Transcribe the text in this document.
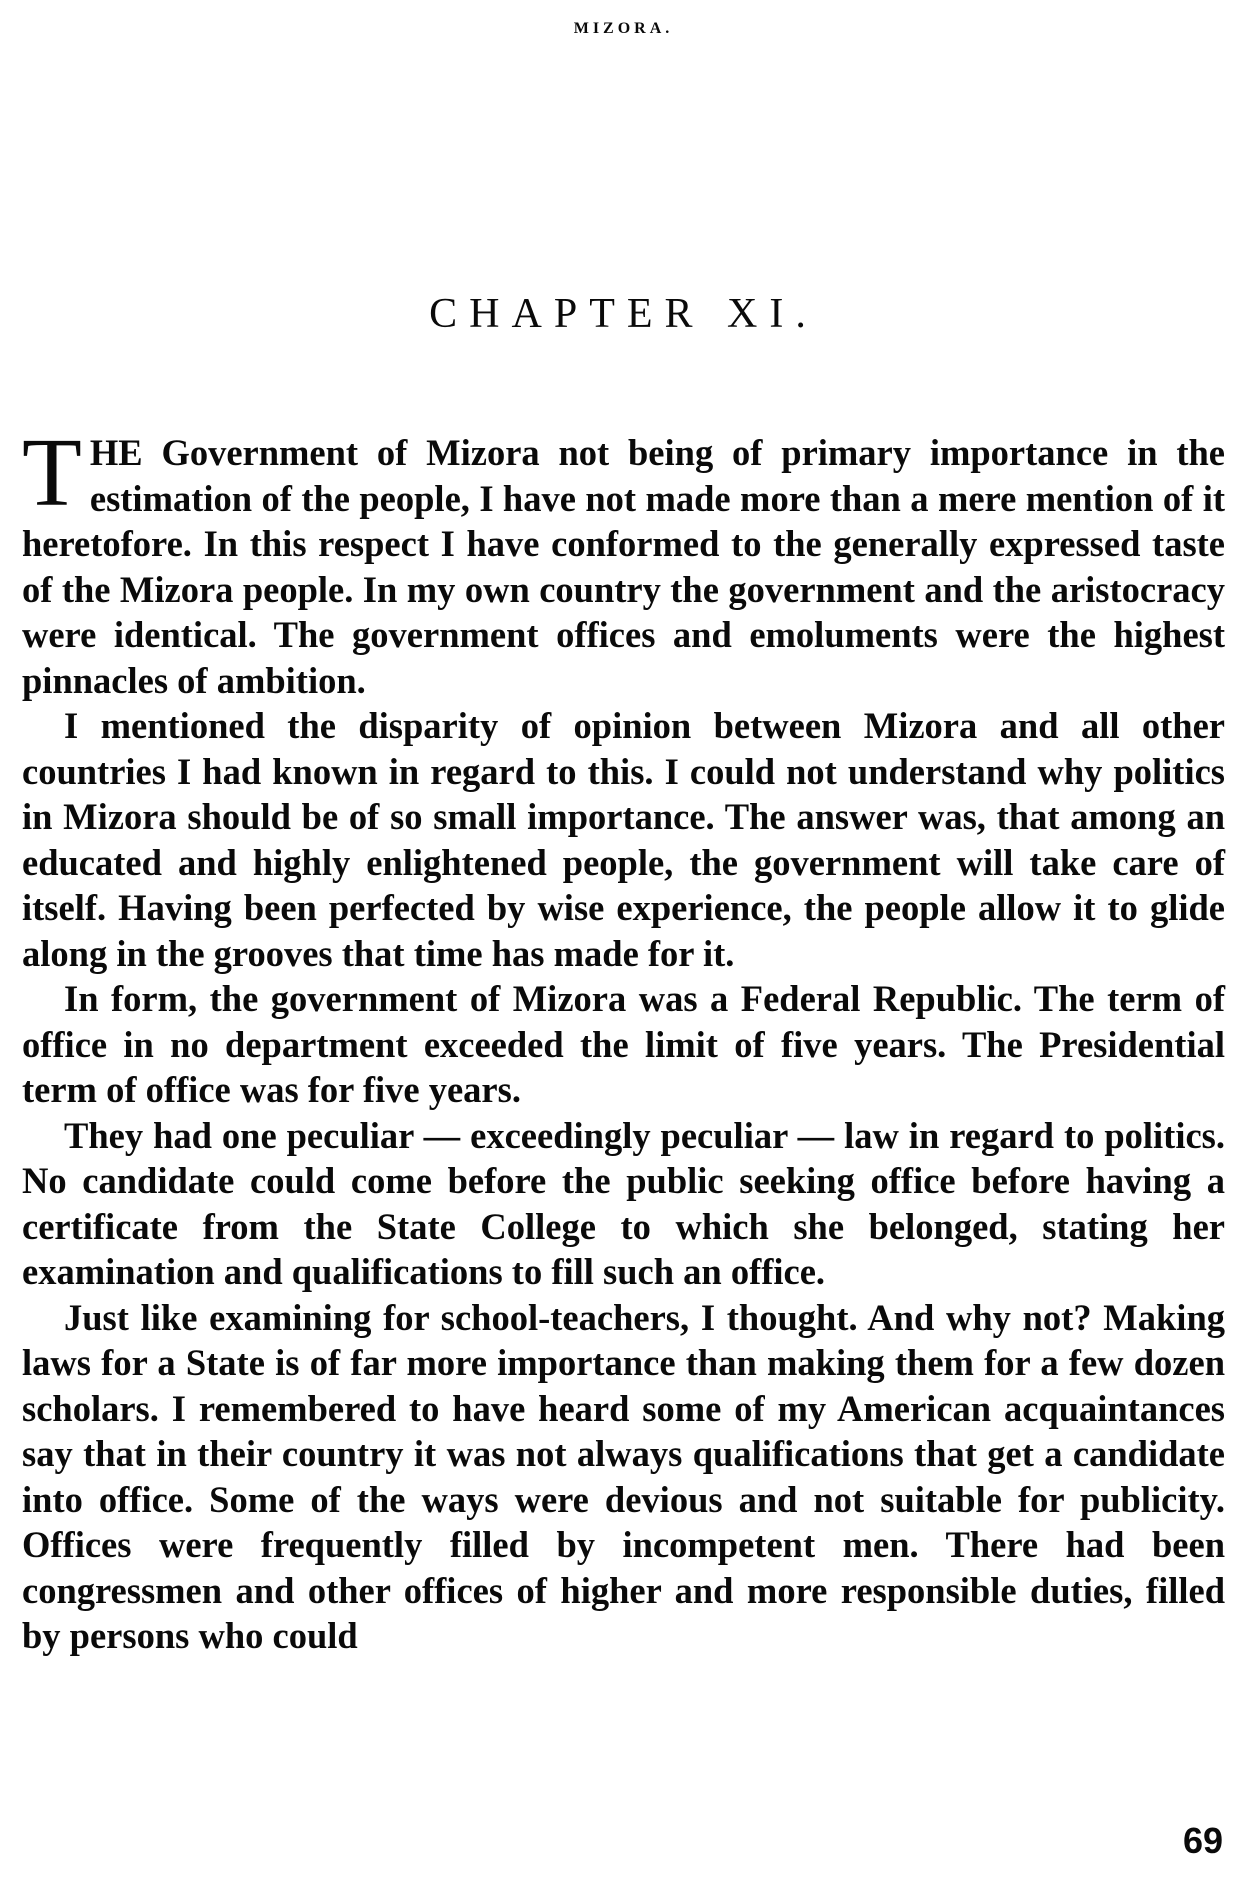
MIZORA.
CHAPTER XI.

THE Government of Mizora not being of primary importance in the estimation of the people, I have not made more than a mere mention of it heretofore. In this respect I have conformed to the generally expressed taste of the Mizora people. In my own country the government and the aristocracy were identical. The government offices and emoluments were the highest pinnacles of ambition.

I mentioned the disparity of opinion between Mizora and all other countries I had known in regard to this. I could not understand why politics in Mizora should be of so small importance. The answer was, that among an educated and highly enlightened people, the government will take care of itself. Having been perfected by wise experience, the people allow it to glide along in the grooves that time has made for it.

In form, the government of Mizora was a Federal Republic. The term of office in no department exceeded the limit of five years. The Presidential term of office was for five years.

They had one peculiar — exceedingly peculiar — law in regard to politics. No candidate could come before the public seeking office before having a certificate from the State College to which she belonged, stating her examination and qualifications to fill such an office.

Just like examining for school-teachers, I thought. And why not? Making laws for a State is of far more importance than making them for a few dozen scholars. I remembered to have heard some of my American acquaintances say that in their country it was not always qualifications that get a candidate into office. Some of the ways were devious and not suitable for publicity. Offices were frequently filled by incompetent men. There had been congressmen and other offices of higher and more responsible duties, filled by persons who could

69
